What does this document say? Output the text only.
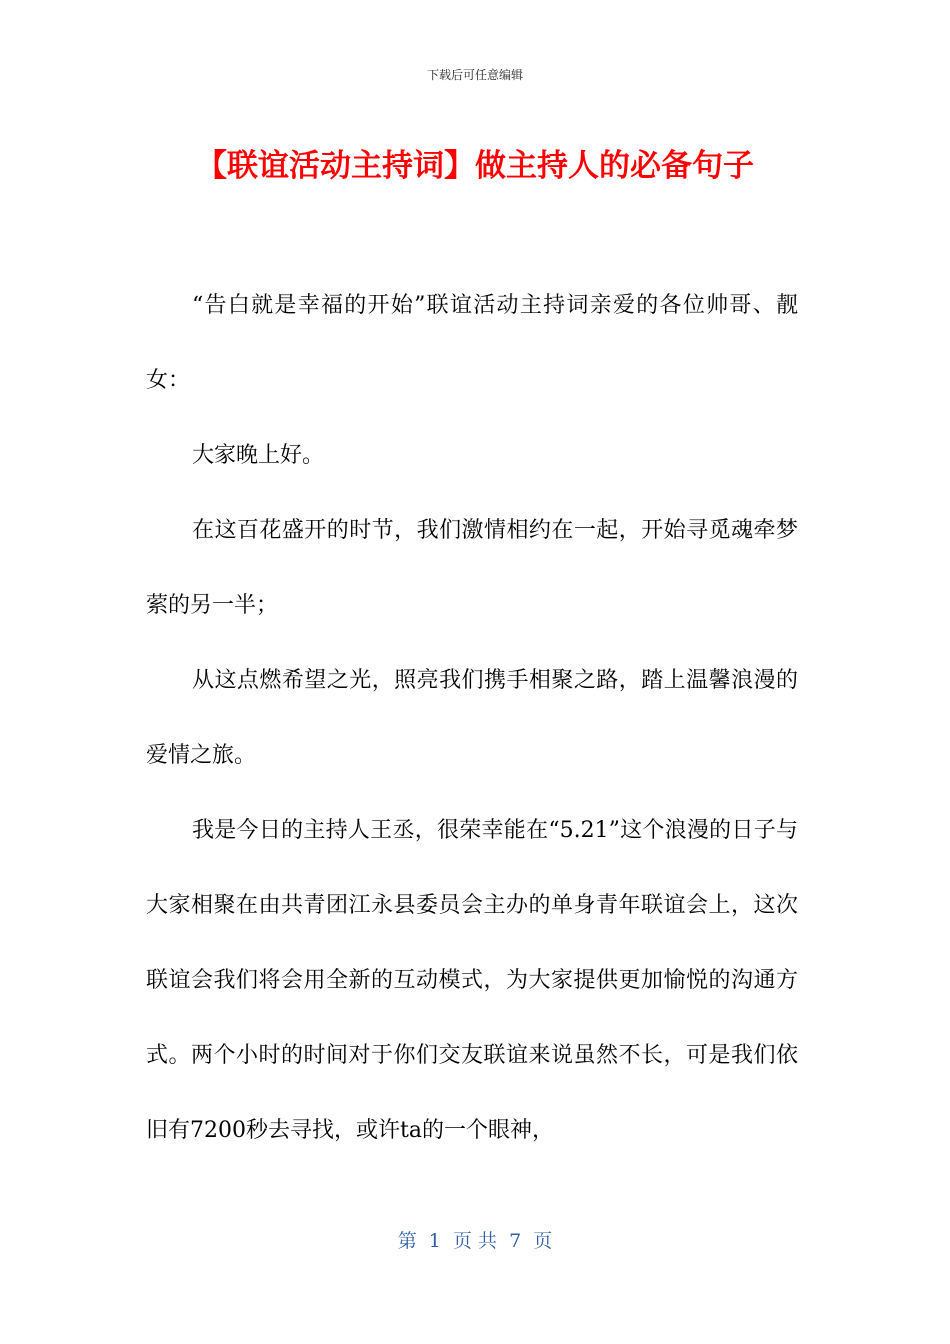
下载后可任意编辑
【联谊活动主持词】做主持人的必备句子

“告白就是幸福的开始”联谊活动主持词亲爱的各位帅哥、靓女：

大家晚上好。

在这百花盛开的时节，我们激情相约在一起，开始寻觅魂牵梦萦的另一半；

从这点燃希望之光，照亮我们携手相聚之路，踏上温馨浪漫的爱情之旅。

我是今日的主持人王丞，很荣幸能在“5.21”这个浪漫的日子与大家相聚在由共青团江永县委员会主办的单身青年联谊会上，这次联谊会我们将会用全新的互动模式，为大家提供更加愉悦的沟通方式。两个小时的时间对于你们交友联谊来说虽然不长，可是我们依旧有7200秒去寻找，或许ta的一个眼神，

第  1  页 共  7  页
